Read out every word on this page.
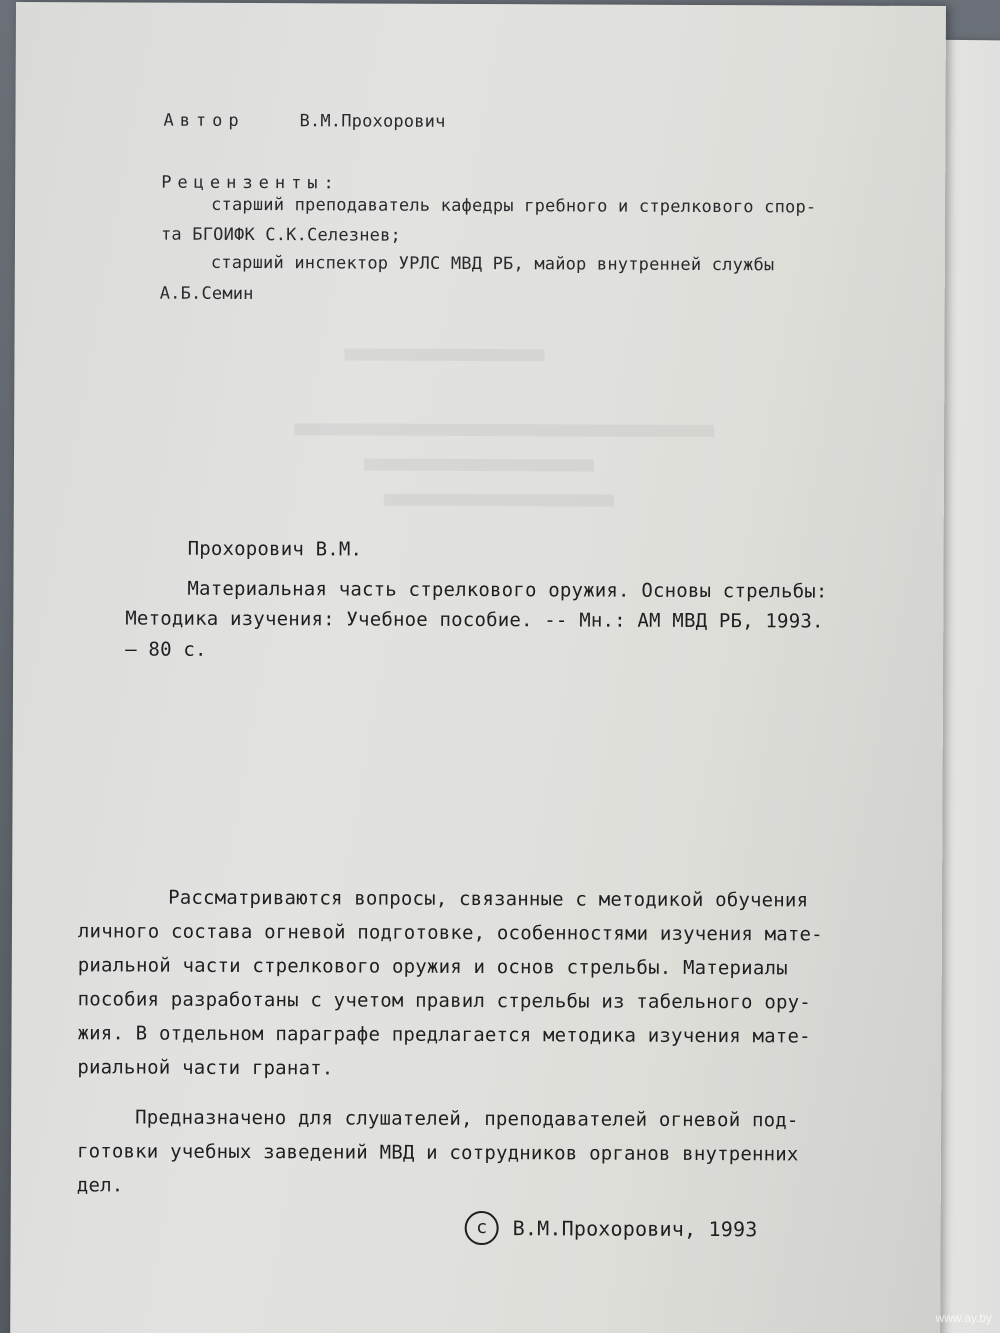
Автор	В.М.Прохорович
Рецензенты:
старший преподаватель кафедры гребного и стрелкового спор-
та БГОИФК С.К.Селезнев;
старший инспектор УРЛС МВД РБ, майор внутренней службы
А.Б.Семин
Прохорович В.М.
Материальная часть стрелкового оружия. Основы стрельбы:
Методика изучения: Учебное пособие. -- Мн.: АМ МВД РБ, 1993.
— 80 с.
Рассматриваются вопросы, связанные с методикой обучения
личного состава огневой подготовке, особенностями изучения мате-
риальной части стрелкового оружия и основ стрельбы. Материалы
пособия разработаны с учетом правил стрельбы из табельного ору-
жия. В отдельном параграфе предлагается методика изучения мате-
риальной части гранат.
Предназначено для слушателей, преподавателей огневой под-
готовки учебных заведений МВД и сотрудников органов внутренних
дел.
c	В.М.Прохорович, 1993
www.ay.by
